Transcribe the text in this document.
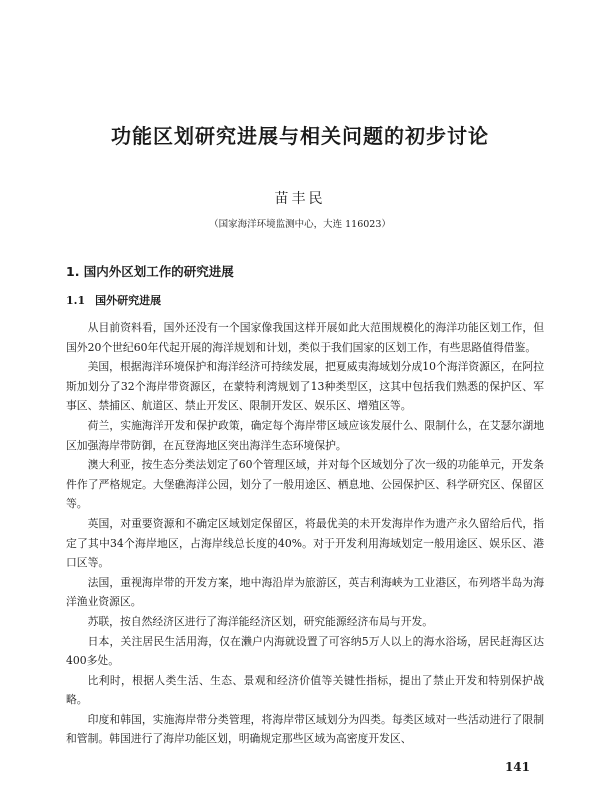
功能区划研究进展与相关问题的初步讨论
苗丰民
（国家海洋环境监测中心，大连 116023）
1. 国内外区划工作的研究进展
1.1 国外研究进展

从目前资料看，国外还没有一个国家像我国这样开展如此大范围规模化的海洋功能区划工作，但国外20个世纪60年代起开展的海洋规划和计划，类似于我们国家的区划工作，有些思路值得借鉴。

美国，根据海洋环境保护和海洋经济可持续发展，把夏威夷海域划分成10个海洋资源区，在阿拉斯加划分了32个海岸带资源区，在蒙特利湾规划了13种类型区，这其中包括我们熟悉的保护区、军事区、禁捕区、航道区、禁止开发区、限制开发区、娱乐区、增殖区等。

荷兰，实施海洋开发和保护政策，确定每个海岸带区域应该发展什么、限制什么，在艾瑟尔湖地区加强海岸带防御，在瓦登海地区突出海洋生态环境保护。

澳大利亚，按生态分类法划定了60个管理区域，并对每个区域划分了次一级的功能单元，开发条件作了严格规定。大堡礁海洋公园，划分了一般用途区、栖息地、公园保护区、科学研究区、保留区等。

英国，对重要资源和不确定区域划定保留区，将最优美的未开发海岸作为遗产永久留给后代，指定了其中34个海岸地区，占海岸线总长度的40%。对于开发利用海域划定一般用途区、娱乐区、港口区等。

法国，重视海岸带的开发方案，地中海沿岸为旅游区，英吉利海峡为工业港区，布列塔半岛为海洋渔业资源区。

苏联，按自然经济区进行了海洋能经济区划，研究能源经济布局与开发。

日本，关注居民生活用海，仅在濑户内海就设置了可容纳5万人以上的海水浴场，居民赶海区达400多处。

比利时，根据人类生活、生态、景观和经济价值等关键性指标，提出了禁止开发和特别保护战略。

印度和韩国，实施海岸带分类管理，将海岸带区域划分为四类。每类区域对一些活动进行了限制和管制。韩国进行了海岸功能区划，明确规定那些区域为高密度开发区、

141
